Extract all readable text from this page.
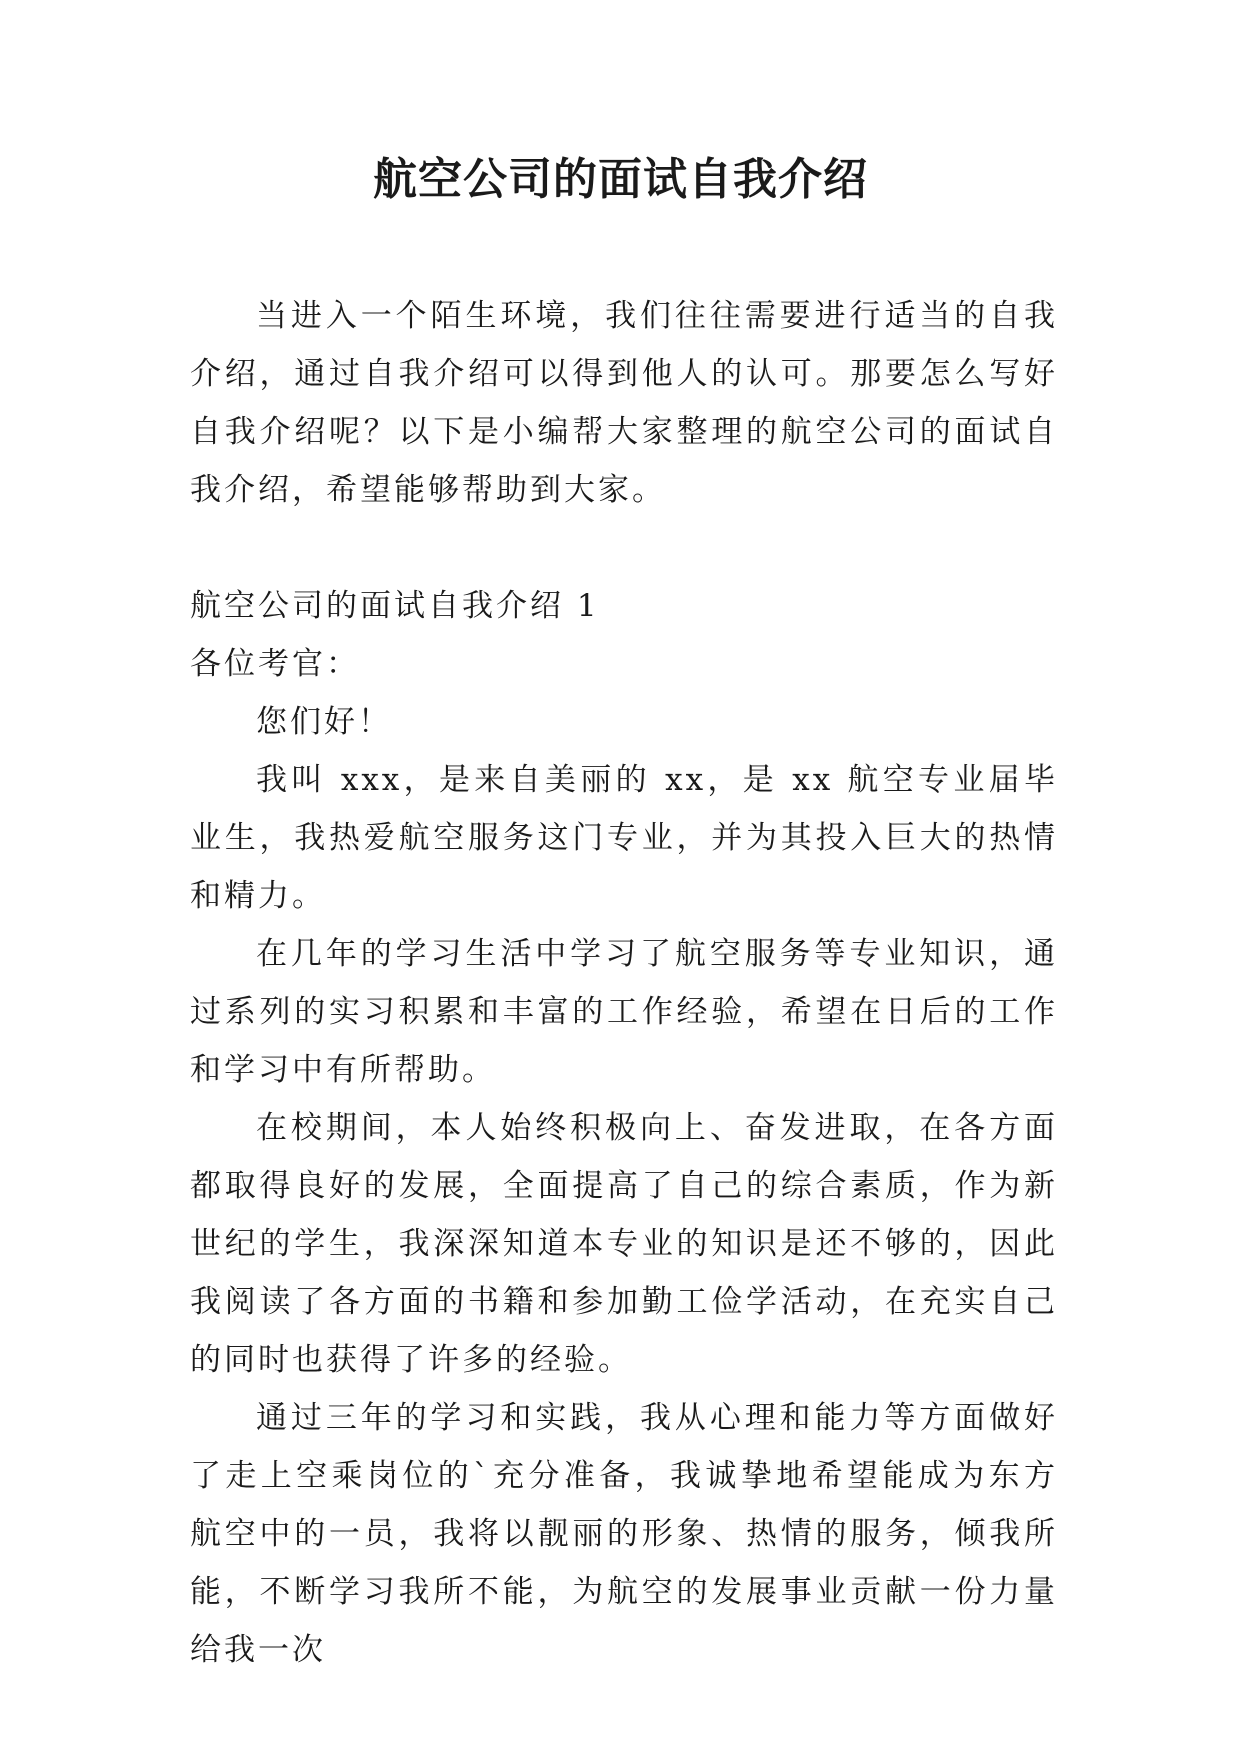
航空公司的面试自我介绍

当进入一个陌生环境，我们往往需要进行适当的自我介绍，通过自我介绍可以得到他人的认可。那要怎么写好自我介绍呢？以下是小编帮大家整理的航空公司的面试自我介绍，希望能够帮助到大家。

航空公司的面试自我介绍 1

各位考官：

您们好！

我叫 xxx，是来自美丽的 xx，是 xx 航空专业届毕业生，我热爱航空服务这门专业，并为其投入巨大的热情和精力。

在几年的学习生活中学习了航空服务等专业知识，通过系列的实习积累和丰富的工作经验，希望在日后的工作和学习中有所帮助。

在校期间，本人始终积极向上、奋发进取，在各方面都取得良好的发展，全面提高了自己的综合素质，作为新世纪的学生，我深深知道本专业的知识是还不够的，因此我阅读了各方面的书籍和参加勤工俭学活动，在充实自己的同时也获得了许多的经验。

通过三年的学习和实践，我从心理和能力等方面做好了走上空乘岗位的`充分准备，我诚挚地希望能成为东方航空中的一员，我将以靓丽的形象、热情的服务，倾我所能，不断学习我所不能，为航空的发展事业贡献一份力量给我一次
